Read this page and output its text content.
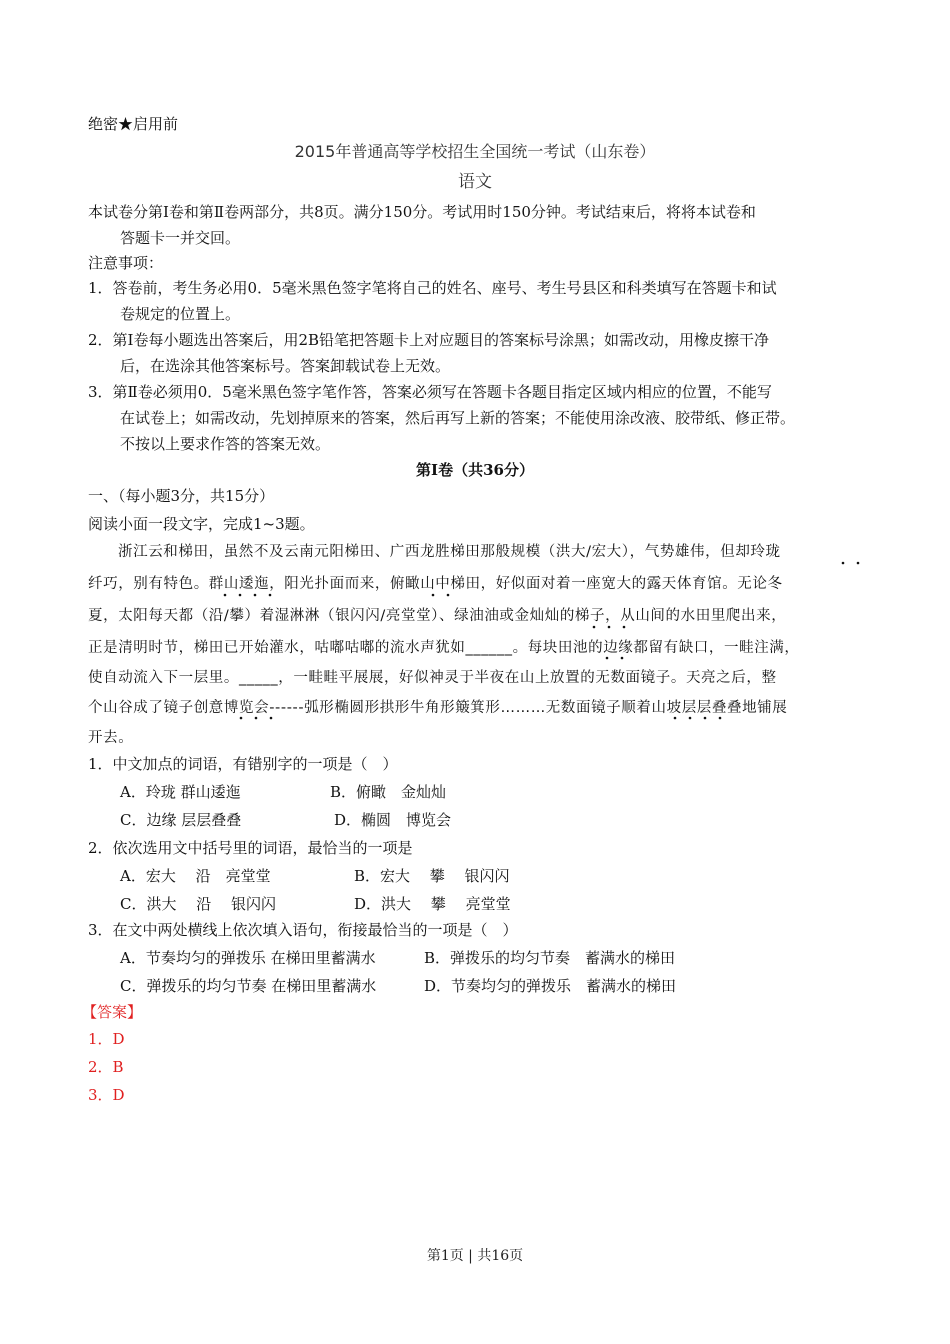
绝密★启用前
2015年普通高等学校招生全国统一考试（山东卷）
语文
本试卷分第Ⅰ卷和第Ⅱ卷两部分，共8页。满分150分。考试用时150分钟。考试结束后，将将本试卷和
答题卡一并交回。
注意事项：
1．答卷前，考生务必用0．5毫米黑色签字笔将自己的姓名、座号、考生号县区和科类填写在答题卡和试
卷规定的位置上。
2．第Ⅰ卷每小题选出答案后，用2B铅笔把答题卡上对应题目的答案标号涂黑；如需改动，用橡皮擦干净
后，在选涂其他答案标号。答案卸载试卷上无效。
3．第Ⅱ卷必须用0．5毫米黑色签字笔作答，答案必须写在答题卡各题目指定区域内相应的位置，不能写
在试卷上；如需改动，先划掉原来的答案，然后再写上新的答案；不能使用涂改液、胶带纸、修正带。
不按以上要求作答的答案无效。
第Ⅰ卷（共36分）
一、（每小题3分，共15分）
阅读小面一段文字，完成1~3题。
浙江云和梯田，虽然不及云南元阳梯田、广西龙胜梯田那般规模（洪大/宏大），气势雄伟，但却玲珑
纤巧，别有特色。群山逶迤，阳光扑面而来，俯瞰山中梯田，好似面对着一座宽大的露天体育馆。无论冬
夏，太阳每天都（沿/攀）着湿淋淋（银闪闪/亮堂堂）、绿油油或金灿灿的梯子，从山间的水田里爬出来，
正是清明时节，梯田已开始灌水，咕嘟咕嘟的流水声犹如______。每块田池的边缘都留有缺口，一畦注满，
使自动流入下一层里。_____，一畦畦平展展，好似神灵于半夜在山上放置的无数面镜子。天亮之后，整
个山谷成了镜子创意博览会------弧形椭圆形拱形牛角形簸箕形………无数面镜子顺着山坡层层叠叠地铺展
开去。
1．中文加点的词语，有错别字的一项是（　）
A．玲珑 群山逶迤	B．俯瞰　金灿灿
C．边缘 层层叠叠	D．椭圆　博览会
2．依次选用文中括号里的词语，最恰当的一项是
A．宏大　 沿　亮堂堂	B．宏大　 攀　 银闪闪
C．洪大　 沿　 银闪闪	D．洪大　 攀　 亮堂堂
3．在文中两处横线上依次填入语句，衔接最恰当的一项是（　）
A．节奏均匀的弹拨乐 在梯田里蓄满水	B．弹拨乐的均匀节奏　蓄满水的梯田
C．弹拨乐的均匀节奏 在梯田里蓄满水	D．节奏均匀的弹拨乐　蓄满水的梯田
【答案】
1．D
2．B
3．D
第1页 | 共16页
